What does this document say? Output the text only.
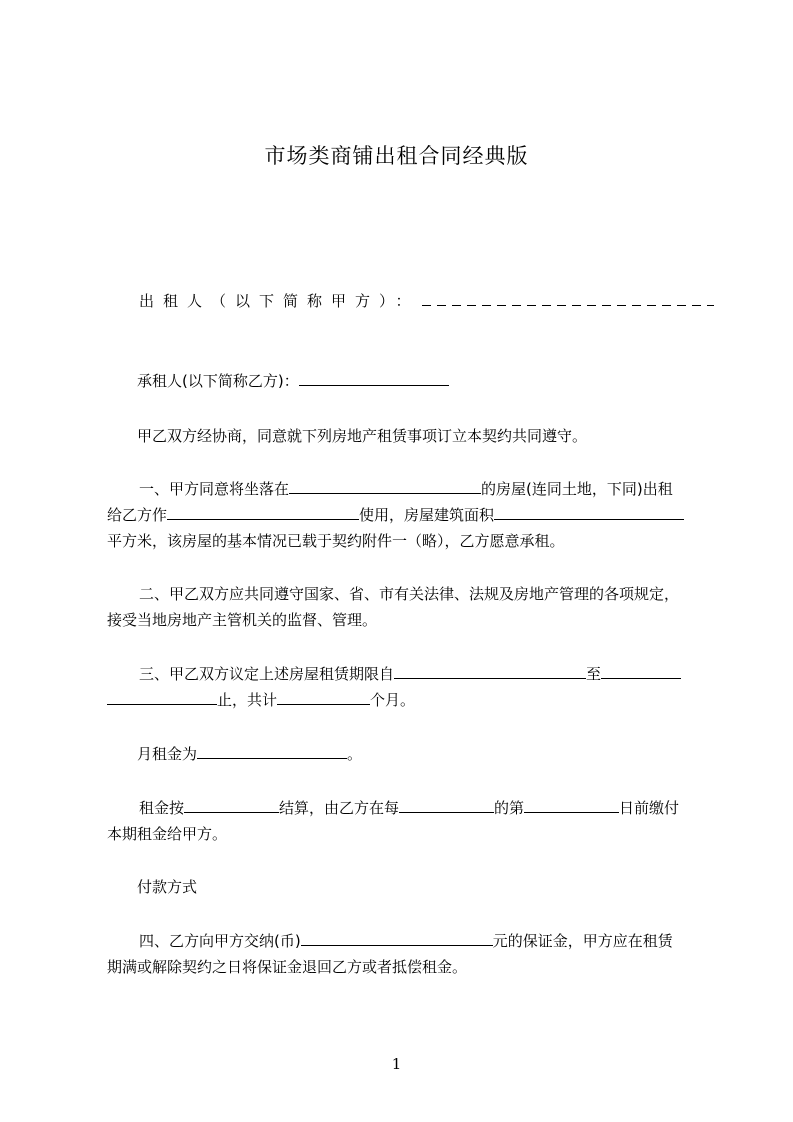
市场类商铺出租合同经典版
出租人（以下简称甲方）：
承租人(以下简称乙方)：
甲乙双方经协商，同意就下列房地产租赁事项订立本契约共同遵守。
一、甲方同意将坐落在	的房屋(连同土地，下同)出租
给乙方作	使用，房屋建筑面积
平方米，该房屋的基本情况已载于契约附件一（略），乙方愿意承租。
二、甲乙双方应共同遵守国家、省、市有关法律、法规及房地产管理的各项规定，
接受当地房地产主管机关的监督、管理。
三、甲乙双方议定上述房屋租赁期限自	至
止，共计	个月。
月租金为	。
租金按	结算，由乙方在每	的第	日前缴付
本期租金给甲方。
付款方式
四、乙方向甲方交纳(币)	元的保证金，甲方应在租赁
期满或解除契约之日将保证金退回乙方或者抵偿租金。
1
